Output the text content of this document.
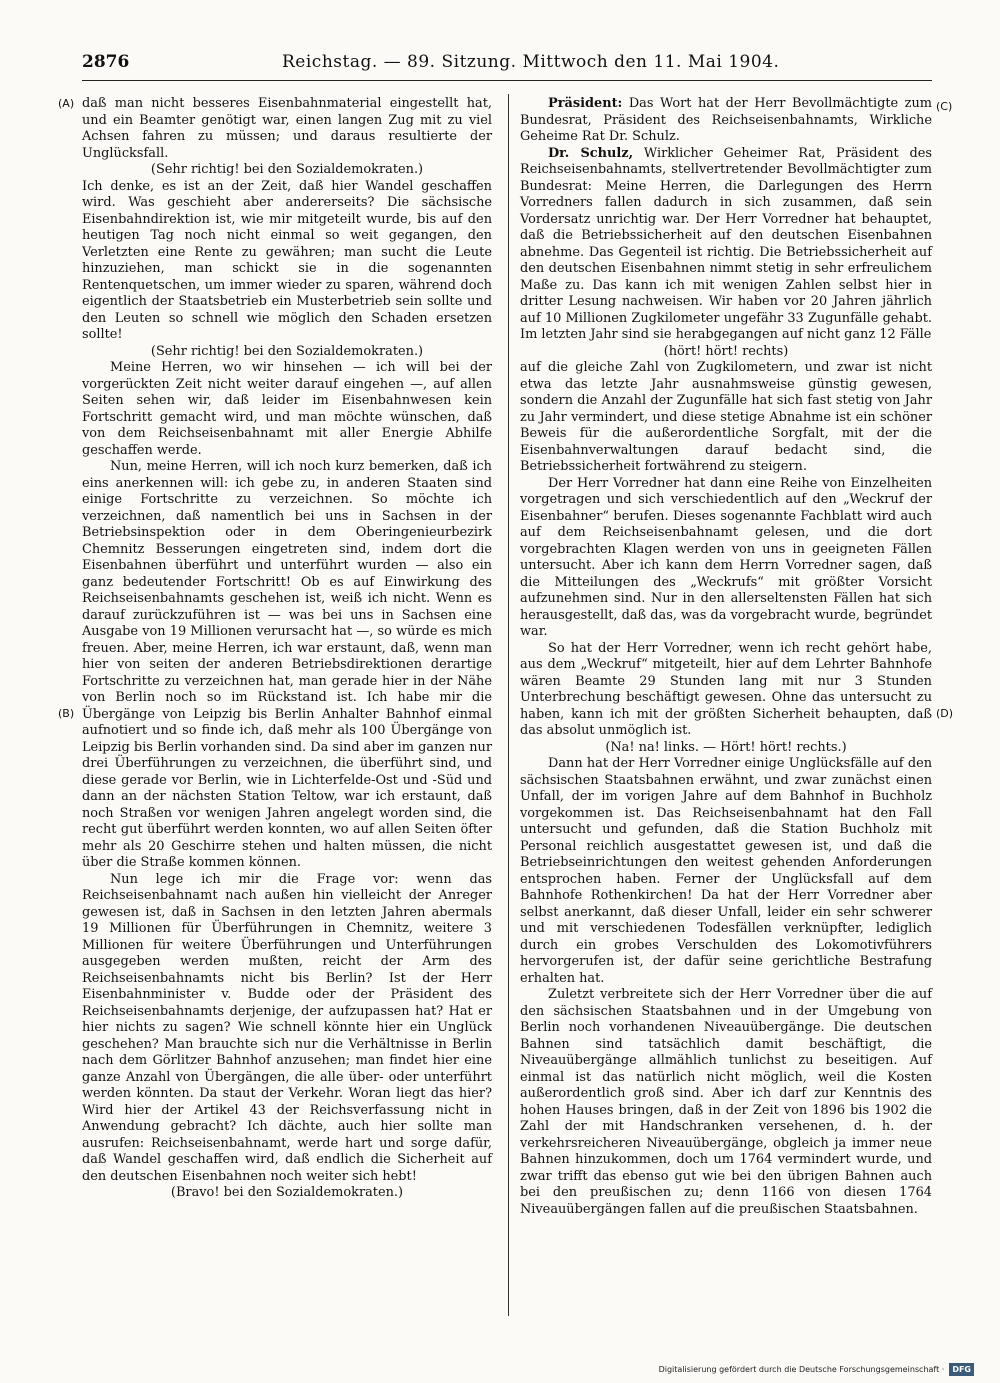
2876	Reichstag. — 89. Sitzung. Mittwoch den 11. Mai 1904.
(A)
(B)
(C)
(D)

daß man nicht besseres Eisenbahnmaterial eingestellt hat, und ein Beamter genötigt war, einen langen Zug mit zu viel Achsen fahren zu müssen; und daraus resultierte der Unglücksfall.

(Sehr richtig! bei den Sozialdemokraten.)

Ich denke, es ist an der Zeit, daß hier Wandel geschaffen wird. Was geschieht aber andererseits? Die sächsische Eisenbahndirektion ist, wie mir mitgeteilt wurde, bis auf den heutigen Tag noch nicht einmal so weit gegangen, den Verletzten eine Rente zu gewähren; man sucht die Leute hinzuziehen, man schickt sie in die sogenannten Rentenquetschen, um immer wieder zu sparen, während doch eigentlich der Staatsbetrieb ein Musterbetrieb sein sollte und den Leuten so schnell wie möglich den Schaden ersetzen sollte!

(Sehr richtig! bei den Sozialdemokraten.)

Meine Herren, wo wir hinsehen — ich will bei der vorgerückten Zeit nicht weiter darauf eingehen —, auf allen Seiten sehen wir, daß leider im Eisenbahnwesen kein Fortschritt gemacht wird, und man möchte wünschen, daß von dem Reichseisenbahnamt mit aller Energie Abhilfe geschaffen werde.

Nun, meine Herren, will ich noch kurz bemerken, daß ich eins anerkennen will: ich gebe zu, in anderen Staaten sind einige Fortschritte zu verzeichnen. So möchte ich verzeichnen, daß namentlich bei uns in Sachsen in der Betriebsinspektion oder in dem Oberingenieurbezirk Chemnitz Besserungen eingetreten sind, indem dort die Eisenbahnen überführt und unterführt wurden — also ein ganz bedeutender Fortschritt! Ob es auf Einwirkung des Reichseisenbahnamts geschehen ist, weiß ich nicht. Wenn es darauf zurückzuführen ist — was bei uns in Sachsen eine Ausgabe von 19 Millionen verursacht hat —, so würde es mich freuen. Aber, meine Herren, ich war erstaunt, daß, wenn man hier von seiten der anderen Betriebsdirektionen derartige Fortschritte zu verzeichnen hat, man gerade hier in der Nähe von Berlin noch so im Rückstand ist. Ich habe mir die Übergänge von Leipzig bis Berlin Anhalter Bahnhof einmal aufnotiert und so finde ich, daß mehr als 100 Übergänge von Leipzig bis Berlin vorhanden sind. Da sind aber im ganzen nur drei Überführungen zu verzeichnen, die überführt sind, und diese gerade vor Berlin, wie in Lichterfelde-Ost und -Süd und dann an der nächsten Station Teltow, war ich erstaunt, daß noch Straßen vor wenigen Jahren angelegt worden sind, die recht gut überführt werden konnten, wo auf allen Seiten öfter mehr als 20 Geschirre stehen und halten müssen, die nicht über die Straße kommen können.

Nun lege ich mir die Frage vor: wenn das Reichseisenbahnamt nach außen hin vielleicht der Anreger gewesen ist, daß in Sachsen in den letzten Jahren abermals 19 Millionen für Überführungen in Chemnitz, weitere 3 Millionen für weitere Überführungen und Unterführungen ausgegeben werden mußten, reicht der Arm des Reichseisenbahnamts nicht bis Berlin? Ist der Herr Eisenbahnminister v. Budde oder der Präsident des Reichseisenbahnamts derjenige, der aufzupassen hat? Hat er hier nichts zu sagen? Wie schnell könnte hier ein Unglück geschehen? Man brauchte sich nur die Verhältnisse in Berlin nach dem Görlitzer Bahnhof anzusehen; man findet hier eine ganze Anzahl von Übergängen, die alle über- oder unterführt werden könnten. Da staut der Verkehr. Woran liegt das hier? Wird hier der Artikel 43 der Reichsverfassung nicht in Anwendung gebracht? Ich dächte, auch hier sollte man ausrufen: Reichseisenbahnamt, werde hart und sorge dafür, daß Wandel geschaffen wird, daß endlich die Sicherheit auf den deutschen Eisenbahnen noch weiter sich hebt!

(Bravo! bei den Sozialdemokraten.)

Präsident: Das Wort hat der Herr Bevollmächtigte zum Bundesrat, Präsident des Reichseisenbahnamts, Wirkliche Geheime Rat Dr. Schulz.

Dr. Schulz, Wirklicher Geheimer Rat, Präsident des Reichseisenbahnamts, stellvertretender Bevollmächtigter zum Bundesrat: Meine Herren, die Darlegungen des Herrn Vorredners fallen dadurch in sich zusammen, daß sein Vordersatz unrichtig war. Der Herr Vorredner hat behauptet, daß die Betriebssicherheit auf den deutschen Eisenbahnen abnehme. Das Gegenteil ist richtig. Die Betriebssicherheit auf den deutschen Eisenbahnen nimmt stetig in sehr erfreulichem Maße zu. Das kann ich mit wenigen Zahlen selbst hier in dritter Lesung nachweisen. Wir haben vor 20 Jahren jährlich auf 10 Millionen Zugkilometer ungefähr 33 Zugunfälle gehabt. Im letzten Jahr sind sie herabgegangen auf nicht ganz 12 Fälle

(hört! hört! rechts)

auf die gleiche Zahl von Zugkilometern, und zwar ist nicht etwa das letzte Jahr ausnahmsweise günstig gewesen, sondern die Anzahl der Zugunfälle hat sich fast stetig von Jahr zu Jahr vermindert, und diese stetige Abnahme ist ein schöner Beweis für die außerordentliche Sorgfalt, mit der die Eisenbahnverwaltungen darauf bedacht sind, die Betriebssicherheit fortwährend zu steigern.

Der Herr Vorredner hat dann eine Reihe von Einzelheiten vorgetragen und sich verschiedentlich auf den „Weckruf der Eisenbahner“ berufen. Dieses sogenannte Fachblatt wird auch auf dem Reichseisenbahnamt gelesen, und die dort vorgebrachten Klagen werden von uns in geeigneten Fällen untersucht. Aber ich kann dem Herrn Vorredner sagen, daß die Mitteilungen des „Weckrufs“ mit größter Vorsicht aufzunehmen sind. Nur in den allerseltensten Fällen hat sich herausgestellt, daß das, was da vorgebracht wurde, begründet war.

So hat der Herr Vorredner, wenn ich recht gehört habe, aus dem „Weckruf“ mitgeteilt, hier auf dem Lehrter Bahnhofe wären Beamte 29 Stunden lang mit nur 3 Stunden Unterbrechung beschäftigt gewesen. Ohne das untersucht zu haben, kann ich mit der größten Sicherheit behaupten, daß das absolut unmöglich ist.

(Na! na! links. — Hört! hört! rechts.)

Dann hat der Herr Vorredner einige Unglücksfälle auf den sächsischen Staatsbahnen erwähnt, und zwar zunächst einen Unfall, der im vorigen Jahre auf dem Bahnhof in Buchholz vorgekommen ist. Das Reichseisenbahnamt hat den Fall untersucht und gefunden, daß die Station Buchholz mit Personal reichlich ausgestattet gewesen ist, und daß die Betriebseinrichtungen den weitest gehenden Anforderungen entsprochen haben. Ferner der Unglücksfall auf dem Bahnhofe Rothenkirchen! Da hat der Herr Vorredner aber selbst anerkannt, daß dieser Unfall, leider ein sehr schwerer und mit verschiedenen Todesfällen verknüpfter, lediglich durch ein grobes Verschulden des Lokomotivführers hervorgerufen ist, der dafür seine gerichtliche Bestrafung erhalten hat.

Zuletzt verbreitete sich der Herr Vorredner über die auf den sächsischen Staatsbahnen und in der Umgebung von Berlin noch vorhandenen Niveauübergänge. Die deutschen Bahnen sind tatsächlich damit beschäftigt, die Niveauübergänge allmählich tunlichst zu beseitigen. Auf einmal ist das natürlich nicht möglich, weil die Kosten außerordentlich groß sind. Aber ich darf zur Kenntnis des hohen Hauses bringen, daß in der Zeit von 1896 bis 1902 die Zahl der mit Handschranken versehenen, d. h. der verkehrsreicheren Niveauübergänge, obgleich ja immer neue Bahnen hinzukommen, doch um 1764 vermindert wurde, und zwar trifft das ebenso gut wie bei den übrigen Bahnen auch bei den preußischen zu; denn 1166 von diesen 1764 Niveauübergängen fallen auf die preußischen Staatsbahnen.

Digitalisierung gefördert durch die Deutsche Forschungsgemeinschaft ·	DFG
